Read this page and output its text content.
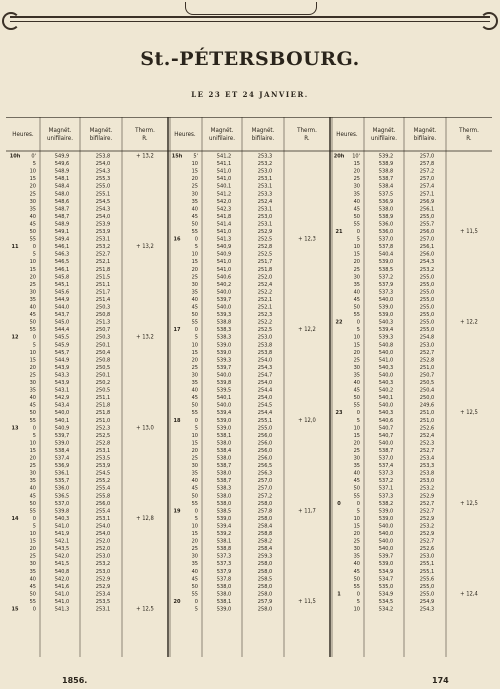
St.-PÉTERSBOURG.
LE 23 ET 24 JANVIER.
Heures.
Magnét.
unifilaire.
Magnét.
bifilaire.
Therm.
R.
10h 0'	549,9	253,8	+ 13,2
5	549,6	254,0
10	548,9	254,3
15	548,1	255,3
20	548,4	255,0
25	548,0	255,1
30	548,6	254,5
35	548,7	254,3
40	548,7	254,0
45	548,9	253,9
50	549,1	253,9
55	549,4	253,1
11	0	546,1	253,2	+ 13,2
5	546,3	252,7
10	546,5	252,1
15	546,1	251,8
20	545,8	251,5
25	545,1	251,1
30	545,6	251,7
35	544,9	251,4
40	544,0	250,3
45	543,7	250,8
50	545,0	251,3
55	544,4	250,7
12	0	545,5	250,3	+ 13,2
5	545,9	250,1
10	545,7	250,4
15	544,9	250,8
20	543,9	250,5
25	543,3	250,1
30	543,9	250,2
35	543,1	250,5
40	542,9	251,1
45	543,4	251,8
50	540,0	251,8
55	540,1	251,0
13	0	540,9	252,3	+ 13,0
5	539,7	252,5
10	539,0	252,8
15	538,4	253,1
20	537,4	253,5
25	536,9	253,9
30	536,1	254,5
35	535,7	255,2
40	536,0	255,4
45	536,5	255,8
50	537,0	256,0
55	539,8	255,4
14	0	540,3	253,1	+ 12,8
5	541,0	254,0
10	541,9	254,0
15	542,1	252,0
20	543,5	252,0
25	542,0	253,0
30	541,5	253,2
35	540,8	253,0
40	542,0	252,9
45	541,6	252,9
50	541,0	253,4
55	541,0	253,5
15	0	541,3	253,1	+ 12,5
Heures.
Magnét.
unifilaire.
Magnét.
bifilaire.
Therm.
R.
15h 5'	541,2	253,3
10	541,1	253,2
15	541,0	253,0
20	541,0	253,1
25	540,1	253,1
30	541,2	253,3
35	542,0	252,4
40	542,3	253,1
45	541,8	253,0
50	541,4	253,1
55	541,0	252,9
16	0	541,3	252,5	+ 12,3
5	540,9	252,8
10	540,9	252,5
15	541,0	251,7
20	541,0	251,8
25	540,6	252,0
30	540,2	252,4
35	540,0	252,2
40	539,7	252,1
45	540,0	252,1
50	539,3	252,3
55	538,8	252,2
17	0	538,3	252,5	+ 12,2
5	538,3	253,0
10	539,0	253,8
15	539,0	253,8
20	539,3	254,0
25	539,7	254,3
30	540,0	254,7
35	539,8	254,0
40	539,5	254,4
45	540,1	254,0
50	540,0	254,5
55	539,4	254,4
18	0	539,0	255,1	+ 12,0
5	539,0	255,0
10	538,1	256,0
15	538,0	256,0
20	538,4	256,0
25	538,0	256,0
30	538,7	256,5
35	538,0	256,3
40	538,7	257,0
45	538,3	257,0
50	538,0	257,2
55	538,0	258,0
19	0	538,5	257,8	+ 11,7
5	539,0	258,0
10	539,4	258,4
15	539,2	258,8
20	538,1	258,2
25	538,8	258,4
30	537,3	259,3
35	537,3	258,0
40	537,9	258,0
45	537,8	258,5
50	538,0	258,0
55	538,0	258,0
20	0	538,1	257,9	+ 11,5
5	539,0	258,0
Heures.
Magnét.
unifilaire.
Magnét.
bifilaire.
Therm.
R.
20h 10'	539,2	257,0
15	538,9	257,8
20	538,8	257,2
25	538,7	257,0
30	538,4	257,4
35	537,5	257,1
40	536,9	256,9
45	538,0	256,1
50	538,9	255,0
55	536,0	255,7
21	0	536,0	256,0	+ 11,5
5	537,0	257,0
10	537,8	256,1
15	540,4	256,0
20	539,0	254,3
25	538,5	253,2
30	537,2	255,0
35	537,9	255,0
40	537,3	255,0
45	540,0	255,0
50	539,0	255,0
55	539,0	255,0
22	0	540,3	255,0	+ 12,2
5	539,4	255,0
10	539,3	254,8
15	540,8	253,0
20	540,0	252,7
25	541,0	252,8
30	540,3	251,0
35	540,0	250,7
40	540,3	250,5
45	540,2	250,4
50	540,1	250,0
55	540,0	249,6
23	0	540,3	251,0	+ 12,5
5	540,6	251,0
10	540,7	252,6
15	540,7	252,4
20	540,0	252,3
25	538,7	252,7
30	537,0	253,4
35	537,4	253,3
40	537,3	253,8
45	537,2	253,0
50	537,1	253,2
55	537,3	252,9
0	0	538,2	252,7	+ 12,5
5	539,0	252,7
10	539,0	252,9
15	540,0	253,2
20	540,0	252,9
25	540,0	252,7
30	540,0	252,6
35	539,7	253,0
40	539,0	255,1
45	534,9	255,1
50	534,7	255,6
55	535,0	255,0
1	0	534,9	255,0	+ 12,4
5	534,5	254,9
10	534,2	254,3
1856.	174
